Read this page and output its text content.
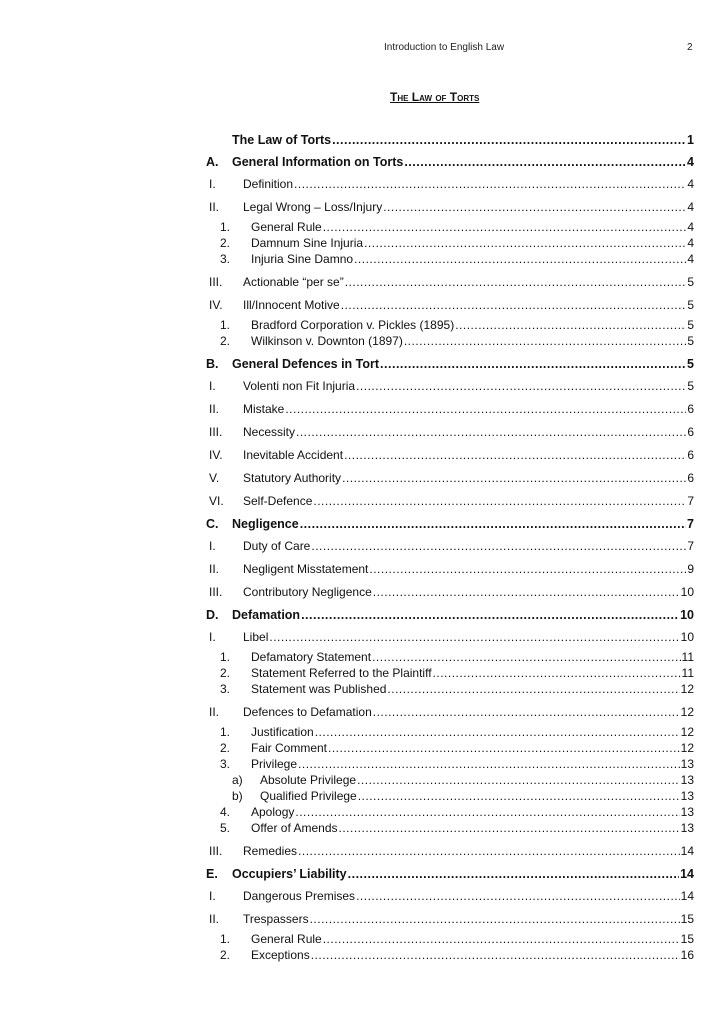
Introduction to English Law	2
The Law of Torts
The Law of Torts .....	1
A.	General Information on Torts .....	4
I.	Definition .....	4
II.	Legal Wrong – Loss/Injury .....	4
1.	General Rule .....	4
2.	Damnum Sine Injuria .....	4
3.	Injuria Sine Damno .....	4
III.	Actionable “per se” .....	5
IV.	Ill/Innocent Motive .....	5
1.	Bradford Corporation v. Pickles (1895) .....	5
2.	Wilkinson v. Downton (1897) .....	5
B.	General Defences in Tort .....	5
I.	Volenti non Fit Injuria .....	5
II.	Mistake .....	6
III.	Necessity .....	6
IV.	Inevitable Accident .....	6
V.	Statutory Authority .....	6
VI.	Self-Defence .....	7
C.	Negligence .....	7
I.	Duty of Care .....	7
II.	Negligent Misstatement .....	9
III.	Contributory Negligence .....	10
D.	Defamation .....	10
I.	Libel .....	10
1.	Defamatory Statement .....	11
2.	Statement Referred to the Plaintiff .....	11
3.	Statement was Published .....	12
II.	Defences to Defamation .....	12
1.	Justification .....	12
2.	Fair Comment .....	12
3.	Privilege .....	13
a)	Absolute Privilege .....	13
b)	Qualified Privilege .....	13
4.	Apology .....	13
5.	Offer of Amends .....	13
III.	Remedies .....	14
E.	Occupiers’ Liability .....	14
I.	Dangerous Premises .....	14
II.	Trespassers .....	15
1.	General Rule .....	15
2.	Exceptions .....	16
